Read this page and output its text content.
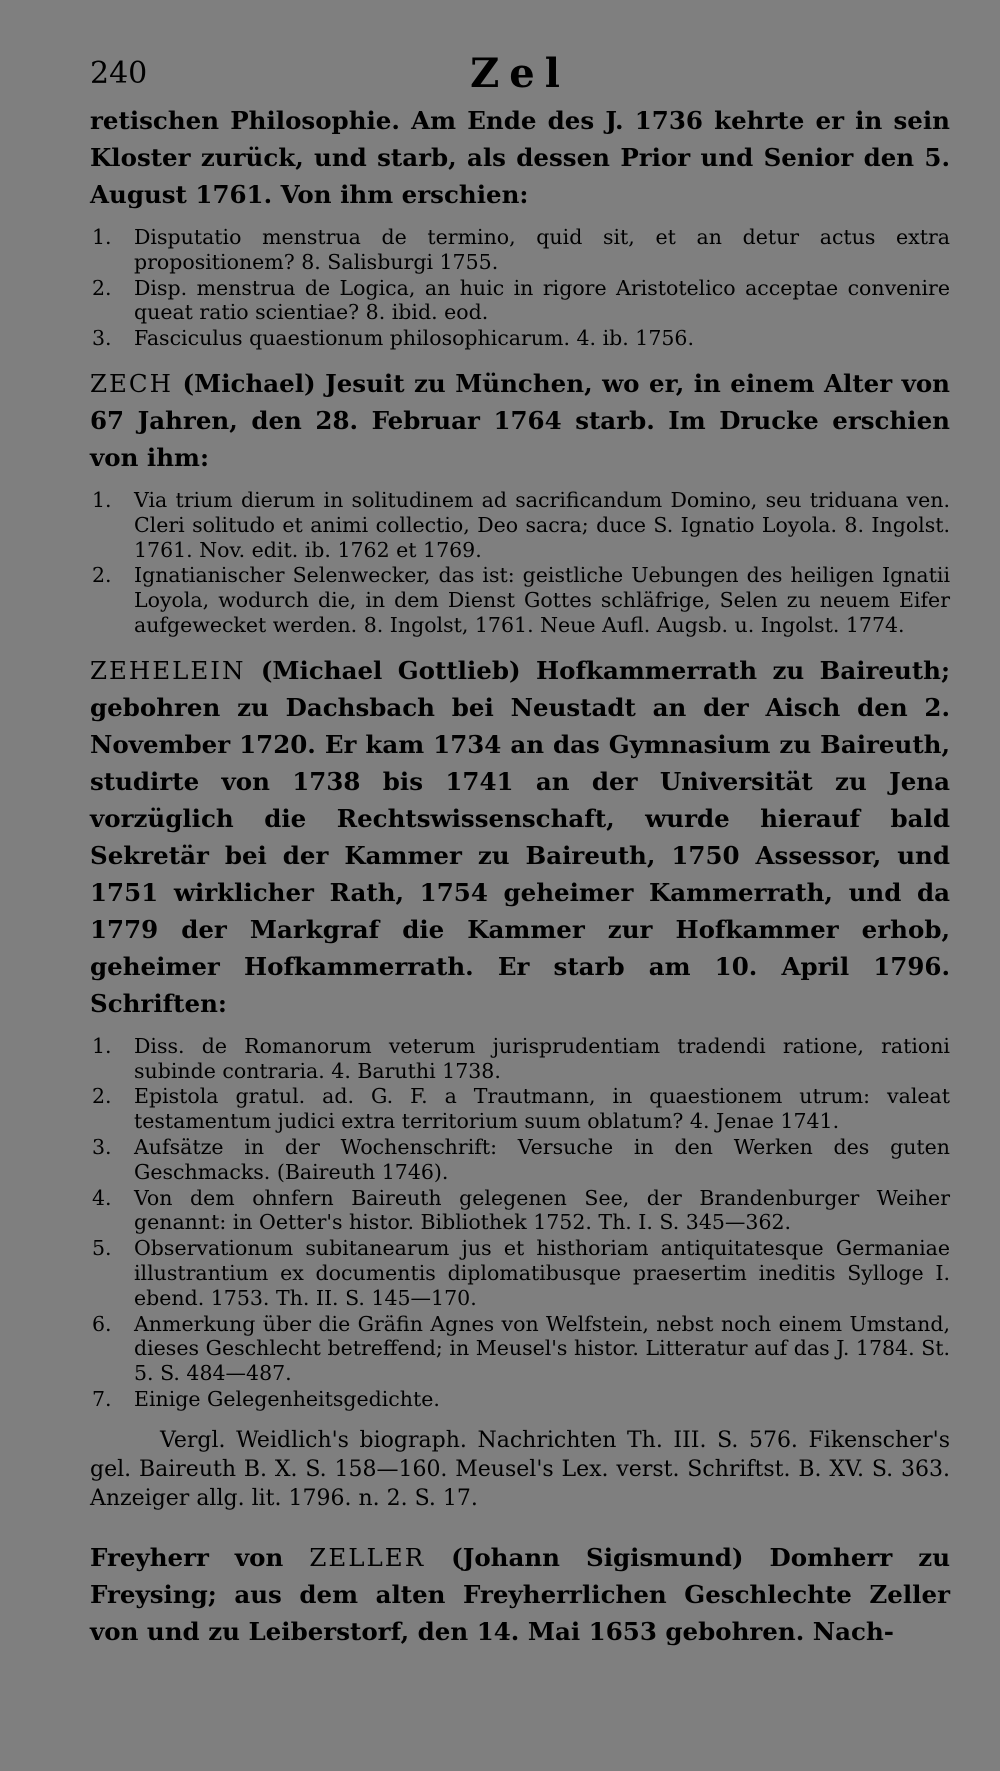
240	Zel

retischen Philosophie. Am Ende des J. 1736 kehrte er in sein Kloster zurück, und starb, als dessen Prior und Senior den 5. August 1761. Von ihm erschien:

1.	Disputatio menstrua de termino, quid sit, et an detur actus extra propositionem? 8. Salisburgi 1755.
2.	Disp. menstrua de Logica, an huic in rigore Aristotelico acceptae convenire queat ratio scientiae? 8. ibid. eod.
3.	Fasciculus quaestionum philosophicarum. 4. ib. 1756.

ZECH (Michael) Jesuit zu München, wo er, in einem Alter von 67 Jahren, den 28. Februar 1764 starb. Im Drucke erschien von ihm:

1.	Via trium dierum in solitudinem ad sacrificandum Domino, seu triduana ven. Cleri solitudo et animi collectio, Deo sacra; duce S. Ignatio Loyola. 8. Ingolst. 1761. Nov. edit. ib. 1762 et 1769.
2.	Ignatianischer Selenwecker, das ist: geistliche Uebungen des heiligen Ignatii Loyola, wodurch die, in dem Dienst Gottes schläfrige, Selen zu neuem Eifer aufgewecket werden. 8. Ingolst, 1761. Neue Aufl. Augsb. u. Ingolst. 1774.

ZEHELEIN (Michael Gottlieb) Hofkammerrath zu Baireuth; gebohren zu Dachsbach bei Neustadt an der Aisch den 2. November 1720. Er kam 1734 an das Gymnasium zu Baireuth, studirte von 1738 bis 1741 an der Universität zu Jena vorzüglich die Rechtswissenschaft, wurde hierauf bald Sekretär bei der Kammer zu Baireuth, 1750 Assessor, und 1751 wirklicher Rath, 1754 geheimer Kammerrath, und da 1779 der Markgraf die Kammer zur Hofkammer erhob, geheimer Hofkammerrath. Er starb am 10. April 1796. Schriften:

1.	Diss. de Romanorum veterum jurisprudentiam tradendi ratione, rationi subinde contraria. 4. Baruthi 1738.
2.	Epistola gratul. ad. G. F. a Trautmann, in quaestionem utrum: valeat testamentum judici extra territorium suum oblatum? 4. Jenae 1741.
3.	Aufsätze in der Wochenschrift: Versuche in den Werken des guten Geschmacks. (Baireuth 1746).
4.	Von dem ohnfern Baireuth gelegenen See, der Brandenburger Weiher genannt: in Oetter's histor. Bibliothek 1752. Th. I. S. 345—362.
5.	Observationum subitanearum jus et histhoriam antiquitatesque Germaniae illustrantium ex documentis diplomatibusque praesertim ineditis Sylloge I. ebend. 1753. Th. II. S. 145—170.
6.	Anmerkung über die Gräfin Agnes von Welfstein, nebst noch einem Umstand, dieses Geschlecht betreffend; in Meusel's histor. Litteratur auf das J. 1784. St. 5. S. 484—487.
7.	Einige Gelegenheitsgedichte.

Vergl. Weidlich's biograph. Nachrichten Th. III. S. 576. Fikenscher's gel. Baireuth B. X. S. 158—160. Meusel's Lex. verst. Schriftst. B. XV. S. 363. Anzeiger allg. lit. 1796. n. 2. S. 17.

Freyherr von ZELLER (Johann Sigismund) Domherr zu Freysing; aus dem alten Freyherrlichen Geschlechte Zeller von und zu Leiberstorf, den 14. Mai 1653 gebohren. Nach-
